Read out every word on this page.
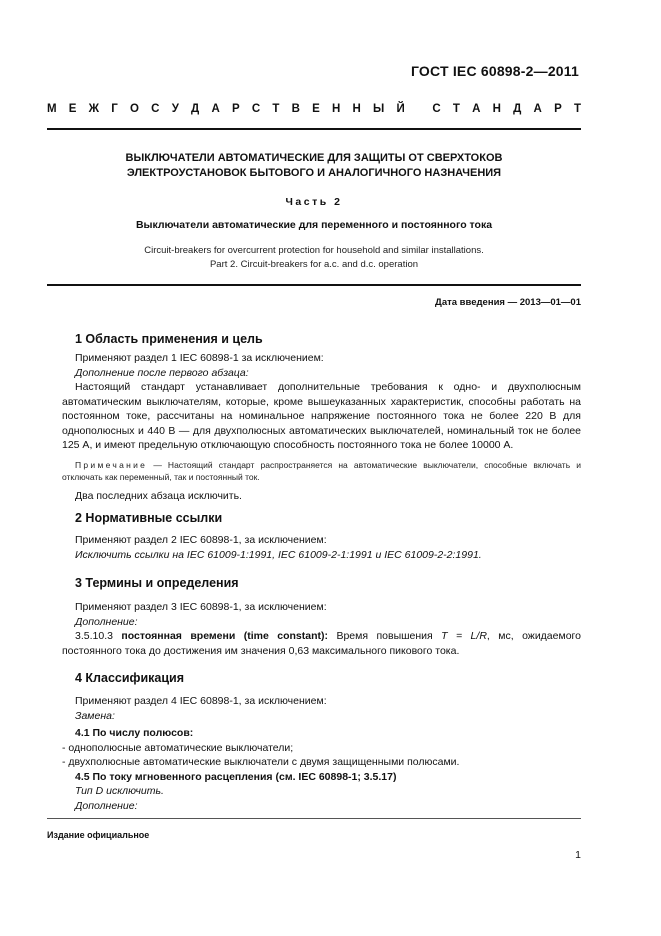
ГОСТ IEC 60898-2—2011
М Е Ж Г О С У Д А Р С Т В Е Н Н Ы Й
С Т А Н Д А Р Т
ВЫКЛЮЧАТЕЛИ АВТОМАТИЧЕСКИЕ ДЛЯ ЗАЩИТЫ ОТ СВЕРХТОКОВ
ЭЛЕКТРОУСТАНОВОК БЫТОВОГО И АНАЛОГИЧНОГО НАЗНАЧЕНИЯ
Часть 2
Выключатели автоматические для переменного и постоянного тока
Circuit-breakers for overcurrent protection for household and similar installations.
Part 2. Circuit-breakers for a.c. and d.c. operation
Дата введения — 2013—01—01
1 Область применения и цель

Применяют раздел 1 IEC 60898-1 за исключением:

Дополнение после первого абзаца:

Настоящий стандарт устанавливает дополнительные требования к одно- и двухполюсным автоматическим выключателям, которые, кроме вышеуказанных характеристик, способны работать на постоянном токе, рассчитаны на номинальное напряжение постоянного тока не более 220 В для однополюсных и 440 В — для двухполюсных автоматических выключателей, номинальный ток не более 125 А, и имеют предельную отключающую способность постоянного тока не более 10000 А.

Примечание — Настоящий стандарт распространяется на автоматические выключатели, способные включать и отключать как переменный, так и постоянный ток.

Два последних абзаца исключить.

2 Нормативные ссылки

Применяют раздел 2 IEC 60898-1, за исключением:

Исключить ссылки на IEC 61009-1:1991, IEC 61009-2-1:1991 и IEC 61009-2-2:1991.

3 Термины и определения

Применяют раздел 3 IEC 60898-1, за исключением:

Дополнение:

3.5.10.3 постоянная времени (time constant): Время повышения T = L/R, мс, ожидаемого постоянного тока до достижения им значения 0,63 максимального пикового тока.

4 Классификация

Применяют раздел 4 IEC 60898-1, за исключением:

Замена:

4.1 По числу полюсов:

- однополюсные автоматические выключатели;

- двухполюсные автоматические выключатели с двумя защищенными полюсами.

4.5 По току мгновенного расцепления (см. IEC 60898-1; 3.5.17)

Тип D исключить.

Дополнение:

Издание официальное
1
